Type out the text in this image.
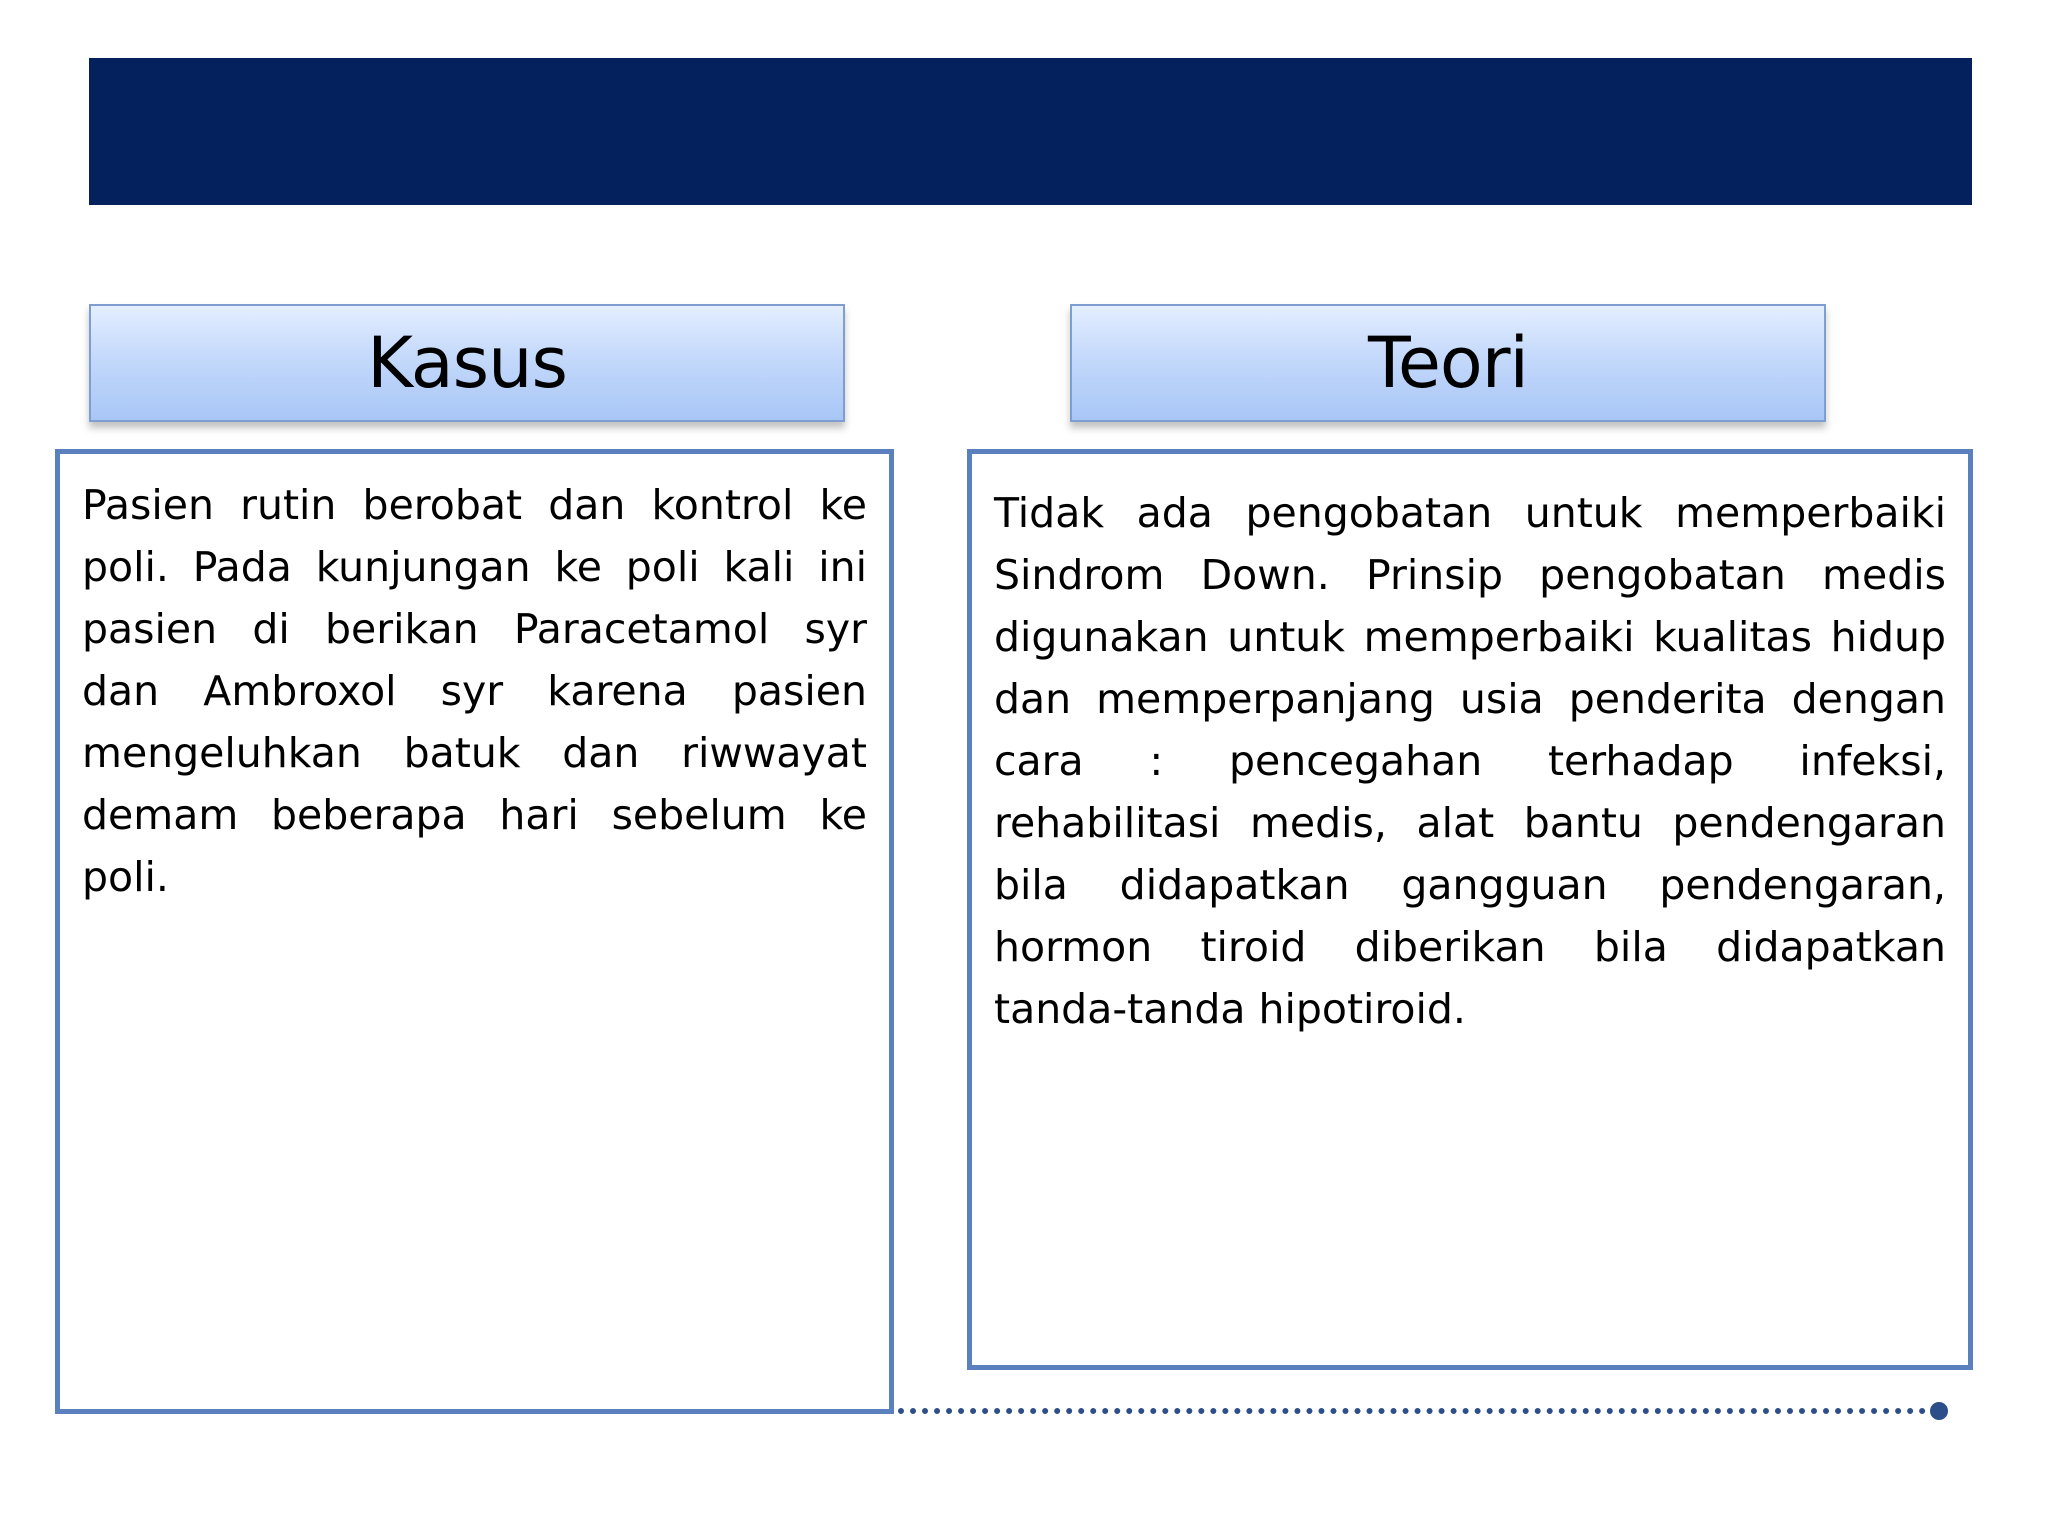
Kasus	Teori

Pasien rutin berobat dan kontrol ke poli. Pada kunjungan ke poli kali ini pasien di berikan Paracetamol syr dan Ambroxol syr karena pasien mengeluhkan batuk dan riwwayat demam beberapa hari sebelum ke poli.

Tidak ada pengobatan untuk memperbaiki Sindrom Down. Prinsip pengobatan medis digunakan untuk memperbaiki kualitas hidup dan memperpanjang usia penderita dengan cara : pencegahan terhadap infeksi, rehabilitasi medis, alat bantu pendengaran bila didapatkan gangguan pendengaran, hormon tiroid diberikan bila didapatkan tanda-tanda hipotiroid.
